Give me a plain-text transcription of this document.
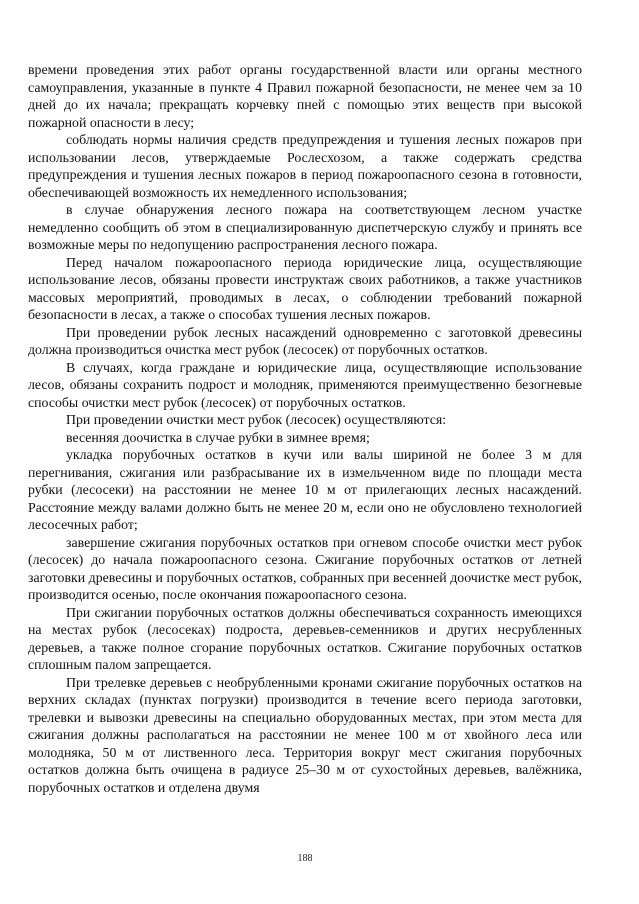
времени проведения этих работ органы государственной власти или органы местного самоуправления, указанные в пункте 4 Правил пожарной безопасности, не менее чем за 10 дней до их начала; прекращать корчевку пней с помощью этих веществ при высокой пожарной опасности в лесу;

соблюдать нормы наличия средств предупреждения и тушения лесных пожаров при использовании лесов, утверждаемые Рослесхозом, а также содержать средства предупреждения и тушения лесных пожаров в период пожароопасного сезона в готовности, обеспечивающей возможность их немедленного использования;

в случае обнаружения лесного пожара на соответствующем лесном участке немедленно сообщить об этом в специализированную диспетчерскую службу и принять все возможные меры по недопущению распространения лесного пожара.

Перед началом пожароопасного периода юридические лица, осуществляющие использование лесов, обязаны провести инструктаж своих работников, а также участников массовых мероприятий, проводимых в лесах, о соблюдении требований пожарной безопасности в лесах, а также о способах тушения лесных пожаров.

При проведении рубок лесных насаждений одновременно с заготовкой древесины должна производиться очистка мест рубок (лесосек) от порубочных остатков.

В случаях, когда граждане и юридические лица, осуществляющие использование лесов, обязаны сохранить подрост и молодняк, применяются преимущественно безогневые способы очистки мест рубок (лесосек) от порубочных остатков.

При проведении очистки мест рубок (лесосек) осуществляются:

весенняя доочистка в случае рубки в зимнее время;

укладка порубочных остатков в кучи или валы шириной не более 3 м для перегнивания, сжигания или разбрасывание их в измельченном виде по площади места рубки (лесосеки) на расстоянии не менее 10 м от прилегающих лесных насаждений. Расстояние между валами должно быть не менее 20 м, если оно не обусловлено технологией лесосечных работ;

завершение сжигания порубочных остатков при огневом способе очистки мест рубок (лесосек) до начала пожароопасного сезона. Сжигание порубочных остатков от летней заготовки древесины и порубочных остатков, собранных при весенней доочистке мест рубок, производится осенью, после окончания пожароопасного сезона.

При сжигании порубочных остатков должны обеспечиваться сохранность имеющихся на местах рубок (лесосеках) подроста, деревьев-семенников и других несрубленных деревьев, а также полное сгорание порубочных остатков. Сжигание порубочных остатков сплошным палом запрещается.

При трелевке деревьев с необрубленными кронами сжигание порубочных остатков на верхних складах (пунктах погрузки) производится в течение всего периода заготовки, трелевки и вывозки древесины на специально оборудованных местах, при этом места для сжигания должны располагаться на расстоянии не менее 100 м от хвойного леса или молодняка, 50 м от лиственного леса. Территория вокруг мест сжигания порубочных остатков должна быть очищена в радиусе 25–30 м от сухостойных деревьев, валёжника, порубочных остатков и отделена двумя

188
